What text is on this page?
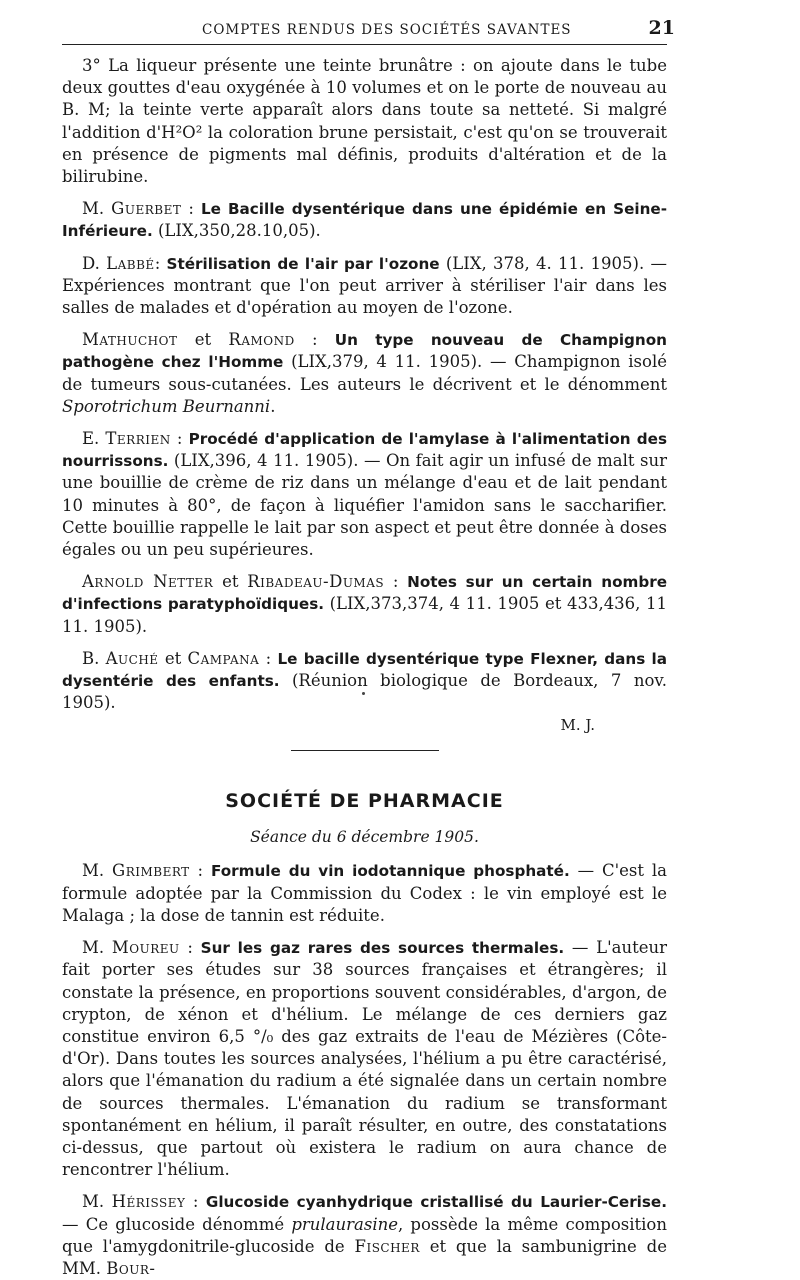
COMPTES RENDUS DES SOCIÉTÉS SAVANTES	21

3° La liqueur présente une teinte brunâtre : on ajoute dans le tube deux gouttes d'eau oxygénée à 10 volumes et on le porte de nouveau au B. M; la teinte verte apparaît alors dans toute sa netteté. Si malgré l'addition d'H²O² la coloration brune persistait, c'est qu'on se trouverait en présence de pigments mal définis, produits d'altération et de la bilirubine.

M. Guerbet : Le Bacille dysentérique dans une épidémie en Seine-Inférieure. (LIX,350,28.10,05).

D. Labbé: Stérilisation de l'air par l'ozone (LIX, 378, 4. 11. 1905). — Expériences montrant que l'on peut arriver à stériliser l'air dans les salles de malades et d'opération au moyen de l'ozone.

Mathuchot et Ramond : Un type nouveau de Champignon pathogène chez l'Homme (LIX,379, 4 11. 1905). — Champignon isolé de tumeurs sous-cutanées. Les auteurs le décrivent et le dénomment Sporotrichum Beurnanni.

E. Terrien : Procédé d'application de l'amylase à l'alimentation des nourrissons. (LIX,396, 4 11. 1905). — On fait agir un infusé de malt sur une bouillie de crème de riz dans un mélange d'eau et de lait pendant 10 minutes à 80°, de façon à liquéfier l'amidon sans le saccharifier. Cette bouillie rappelle le lait par son aspect et peut être donnée à doses égales ou un peu supérieures.

Arnold Netter et Ribadeau-Dumas : Notes sur un certain nombre d'infections paratyphoïdiques. (LIX,373,374, 4 11. 1905 et 433,436, 11 11. 1905).

B. Auché et Campana : Le bacille dysentérique type Flexner, dans la dysentérie des enfants. (Réunion biologique de Bordeaux, 7 nov. 1905).

M. J.
SOCIÉTÉ DE PHARMACIE
Séance du 6 décembre 1905.

M. Grimbert : Formule du vin iodotannique phosphaté. — C'est la formule adoptée par la Commission du Codex : le vin employé est le Malaga ; la dose de tannin est réduite.

M. Moureu : Sur les gaz rares des sources thermales. — L'auteur fait porter ses études sur 38 sources françaises et étrangères; il constate la présence, en proportions souvent considérables, d'argon, de crypton, de xénon et d'hélium. Le mélange de ces derniers gaz constitue environ 6,5 °/₀ des gaz extraits de l'eau de Mézières (Côte-d'Or). Dans toutes les sources analysées, l'hélium a pu être caractérisé, alors que l'émanation du radium a été signalée dans un certain nombre de sources thermales. L'émanation du radium se transformant spontanément en hélium, il paraît résulter, en outre, des constatations ci-dessus, que partout où existera le radium on aura chance de rencontrer l'hélium.

M. Hérissey : Glucoside cyanhydrique cristallisé du Laurier-Cerise. — Ce glucoside dénommé prulaurasine, possède la même composition que l'amygdonitrile-glucoside de Fischer et que la sambunigrine de MM. Bour-
